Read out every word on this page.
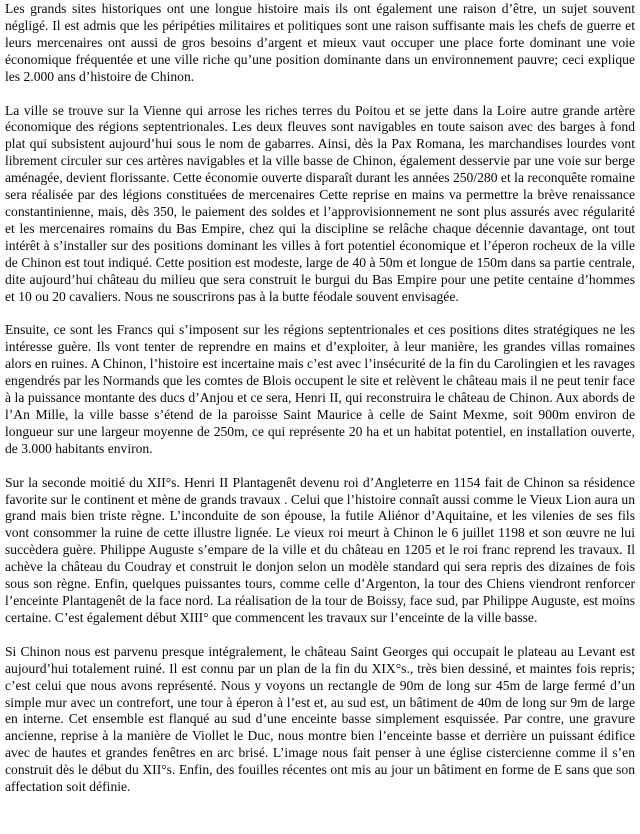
Les grands sites historiques ont une longue histoire mais ils ont également une raison d’être, un sujet souvent négligé. Il est admis que les péripéties militaires et politiques sont une raison suffisante mais les chefs de guerre et leurs mercenaires ont aussi de gros besoins d’argent et mieux vaut occuper une place forte dominant une voie économique fréquentée et une ville riche qu’une position dominante dans un environnement pauvre; ceci explique les 2.000 ans d’histoire de Chinon.

La ville se trouve sur la Vienne qui arrose les riches terres du Poitou et se jette dans la Loire autre grande artère économique des régions septentrionales. Les deux fleuves sont navigables en toute saison avec des barges à fond plat qui subsistent aujourd’hui sous le nom de gabarres. Ainsi, dès la Pax Romana, les marchandises lourdes vont librement circuler sur ces artères navigables et la ville basse de Chinon, également desservie par une voie sur berge aménagée, devient florissante. Cette économie ouverte disparaît durant les années 250/280 et la reconquête romaine sera réalisée par des légions constituées de mercenaires Cette reprise en mains va permettre la brève renaissance constantinienne, mais, dès 350, le paiement des soldes et l’approvisionnement ne sont plus assurés avec régularité et les mercenaires romains du Bas Empire, chez qui la discipline se relâche chaque décennie davantage, ont tout intérêt à s’installer sur des positions dominant les villes à fort potentiel économique et l’éperon rocheux de la ville de Chinon est tout indiqué. Cette position est modeste, large de 40 à 50m et longue de 150m dans sa partie centrale, dite aujourd’hui château du milieu que sera construit le burgui du Bas Empire pour une petite centaine d’hommes et 10 ou 20 cavaliers. Nous ne souscrirons pas à la butte féodale souvent envisagée.

Ensuite, ce sont les Francs qui s’imposent sur les régions septentrionales et ces positions dites stratégiques ne les intéresse guère. Ils vont tenter de reprendre en mains et d’exploiter, à leur manière, les grandes villas romaines alors en ruines. A Chinon, l’histoire est incertaine mais c’est avec l’insécurité de la fin du Carolingien et les ravages engendrés par les Normands que les comtes de Blois occupent le site et relèvent le château mais il ne peut tenir face à la puissance montante des ducs d’Anjou et ce sera, Henri II, qui reconstruira le château de Chinon. Aux abords de l’An Mille, la ville basse s’étend de la paroisse Saint Maurice à celle de Saint Mexme, soit 900m environ de longueur sur une largeur moyenne de 250m, ce qui représente 20 ha et un habitat potentiel, en installation ouverte, de 3.000 habitants environ.

Sur la seconde moitié du XII°s. Henri II Plantagenêt devenu roi d’Angleterre en 1154 fait de Chinon sa résidence favorite sur le continent et mène de grands travaux . Celui que l’histoire connaît aussi comme le Vieux Lion aura un grand mais bien triste règne. L’inconduite de son épouse, la futile Aliénor d’Aquitaine, et les vilenies de ses fils vont consommer la ruine de cette illustre lignée. Le vieux roi meurt à Chinon le 6 juillet 1198 et son œuvre ne lui succèdera guère. Philippe Auguste s’empare de la ville et du château en 1205 et le roi franc reprend les travaux. Il achève la château du Coudray et construit le donjon selon un modèle standard qui sera repris des dizaines de fois sous son règne. Enfin, quelques puissantes tours, comme celle d’Argenton, la tour des Chiens viendront renforcer l’enceinte Plantagenêt de la face nord. La réalisation de la tour de Boissy, face sud, par Philippe Auguste, est moins certaine. C’est également début XIII° que commencent les travaux sur l’enceinte de la ville basse.

Si Chinon nous est parvenu presque intégralement, le château Saint Georges qui occupait le plateau au Levant est aujourd’hui totalement ruiné. Il est connu par un plan de la fin du XIX°s., très bien dessiné, et maintes fois repris; c’est celui que nous avons représenté. Nous y voyons un rectangle de 90m de long sur 45m de large fermé d’un simple mur avec un contrefort, une tour à éperon à l’est et, au sud est, un bâtiment de 40m de long sur 9m de large en interne. Cet ensemble est flanqué au sud d’une enceinte basse simplement esquissée. Par contre, une gravure ancienne, reprise à la manière de Viollet le Duc, nous montre bien l’enceinte basse et derrière un puissant édifice avec de hautes et grandes fenêtres en arc brisé. L’image nous fait penser à une église cistercienne comme il s’en construit dès le début du XII°s. Enfin, des fouilles récentes ont mis au jour un bâtiment en forme de E sans que son affectation soit définie.
